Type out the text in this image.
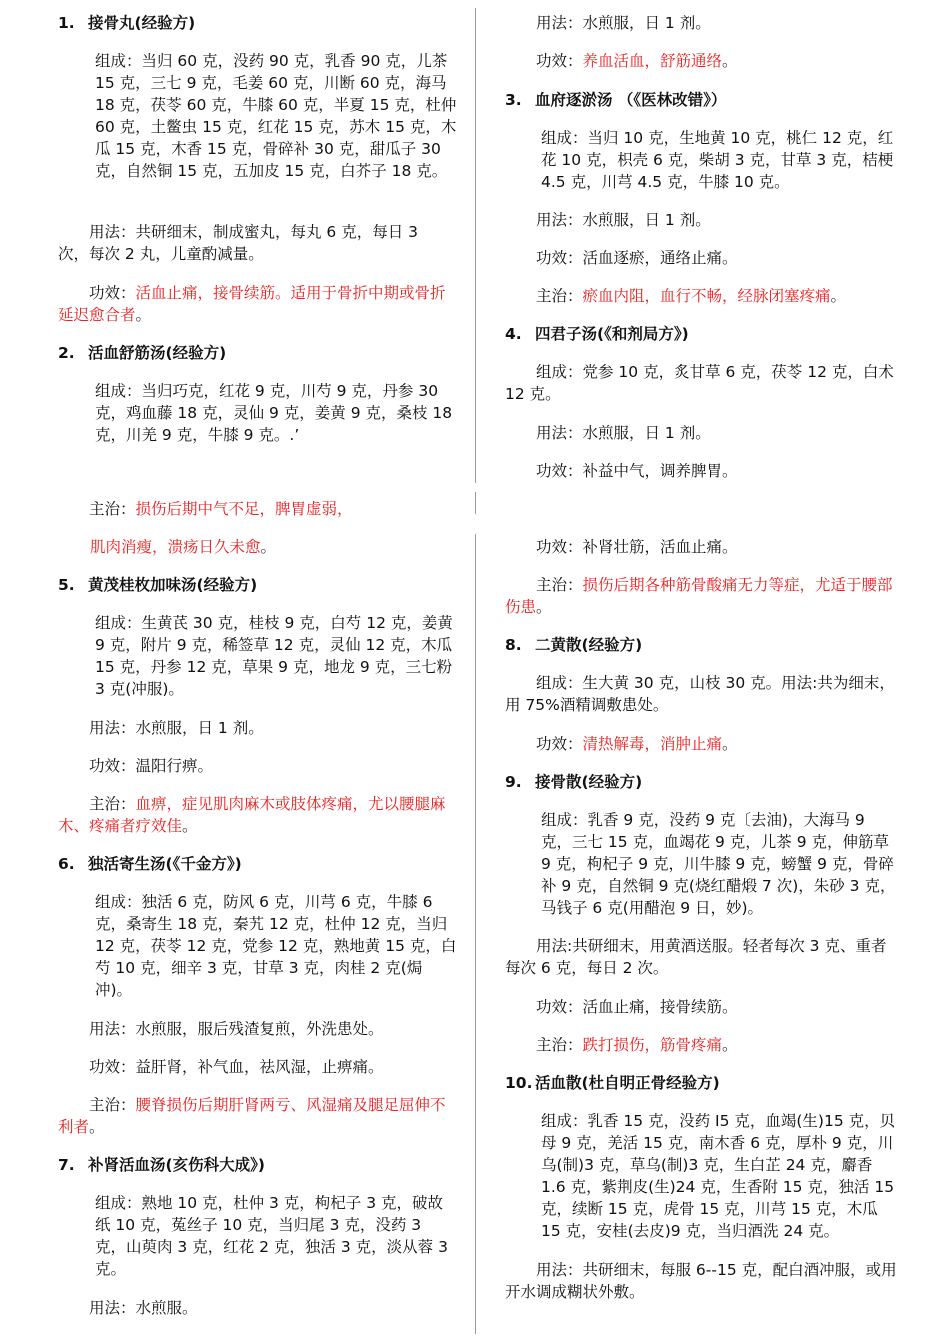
1. 接骨丸(经验方)

组成：当归 60 克，没药 90 克，乳香 90 克，儿茶 15 克，三七 9 克，毛姜 60 克，川断 60 克，海马 18 克，茯苓 60 克，牛膝 60 克，半夏 15 克，杜仲 60 克，土鳖虫 15 克，红花 15 克，苏木 15 克，木瓜 15 克，木香 15 克，骨碎补 30 克，甜瓜子 30 克，自然铜 15 克，五加皮 15 克，白芥子 18 克。

用法：共研细末，制成蜜丸，每丸 6 克，每日 3 次，每次 2 丸，儿童酌减量。

功效：活血止痛，接骨续筋。适用于骨折中期或骨折延迟愈合者。

2. 活血舒筋汤(经验方)

组成：当归巧克，红花 9 克，川芍 9 克，丹参 30 克，鸡血藤 18 克，灵仙 9 克，姜黄 9 克，桑枝 18 克，川羌 9 克，牛膝 9 克。.’

主治：损伤后期中气不足，脾胃虚弱，

肌肉消瘦，溃疡日久未愈。

5. 黄茂桂枚加味汤(经验方)

组成：生黄芪 30 克，桂枝 9 克，白芍 12 克，姜黄 9 克，附片 9 克，稀签草 12 克，灵仙 12 克，木瓜 15 克，丹参 12 克，草果 9 克，地龙 9 克，三七粉 3 克(冲服)。

用法：水煎服，日 1 剂。

功效：温阳行痹。

主治：血痹，症见肌肉麻木或肢体疼痛，尤以腰腿麻木、疼痛者疗效佳。

6. 独活寄生汤(《千金方》)

组成：独活 6 克，防风 6 克，川芎 6 克，牛膝 6 克，桑寄生 18 克，秦艽 12 克，杜仲 12 克，当归 12 克，茯苓 12 克，党参 12 克，熟地黄 15 克，白芍 10 克，细辛 3 克，甘草 3 克，肉桂 2 克(焗冲)。

用法：水煎服，服后残渣复煎，外洗患处。

功效：益肝肾，补气血，祛风湿，止痹痛。

主治：腰脊损伤后期肝肾两亏、风湿痛及腿足屈伸不利者。

7. 补肾活血汤(亥伤科大成》)

组成：熟地 10 克，杜仲 3 克，枸杞子 3 克，破故纸 10 克，菟丝子 10 克，当归尾 3 克，没药 3 克，山萸肉 3 克，红花 2 克，独活 3 克，淡从蓉 3 克。

用法：水煎服。

用法：水煎服，日 1 剂。

功效：养血活血，舒筋通络。

3. 血府逐淤汤 （《医林改错》）

组成：当归 10 克，生地黄 10 克，桃仁 12 克，红花 10 克，枳壳 6 克，柴胡 3 克，甘草 3 克，桔梗 4.5 克，川芎 4.5 克，牛膝 10 克。

用法：水煎服，日 1 剂。

功效：活血逐瘀，通络止痛。

主治：瘀血内阻，血行不畅，经脉闭塞疼痛。

4. 四君子汤(《和剂局方》)

组成：党参 10 克，炙甘草 6 克，茯苓 12 克，白术 12 克。

用法：水煎服，日 1 剂。

功效：补益中气，调养脾胃。

功效：补肾壮筋，活血止痛。

主治：损伤后期各种筋骨酸痛无力等症，尤适于腰部伤患。

8. 二黄散(经验方)

组成：生大黄 30 克，山枝 30 克。用法:共为细末，用 75%酒精调敷患处。

功效：清热解毒，消肿止痛。

9. 接骨散(经验方)

组成：乳香 9 克，没药 9 克〔去油)，大海马 9 克，三七 15 克，血竭花 9 克，儿茶 9 克，伸筋草 9 克，枸杞子 9 克，川牛膝 9 克，螃蟹 9 克，骨碎补 9 克，自然铜 9 克(烧红醋煅 7 次)，朱砂 3 克，马钱子 6 克(用醋泡 9 日，妙)。

用法:共研细末，用黄酒送服。轻者每次 3 克、重者每次 6 克，每日 2 次。

功效：活血止痛，接骨续筋。

主治：跌打损伤，筋骨疼痛。

10. 活血散(杜自明正骨经验方)

组成：乳香 15 克，没药 I5 克，血竭(生)15 克，贝母 9 克，羌活 15 克，南木香 6 克，厚朴 9 克，川乌(制)3 克，草乌(制)3 克，生白芷 24 克，麝香 1.6 克，紫荆皮(生)24 克，生香附 15 克，独活 15 克，续断 15 克，虎骨 15 克，川芎 15 克，木瓜 15 克，安桂(去皮)9 克，当归酒洗 24 克。

用法：共研细末，每服 6--15 克，配白酒冲服，或用开水调成糊状外敷。
